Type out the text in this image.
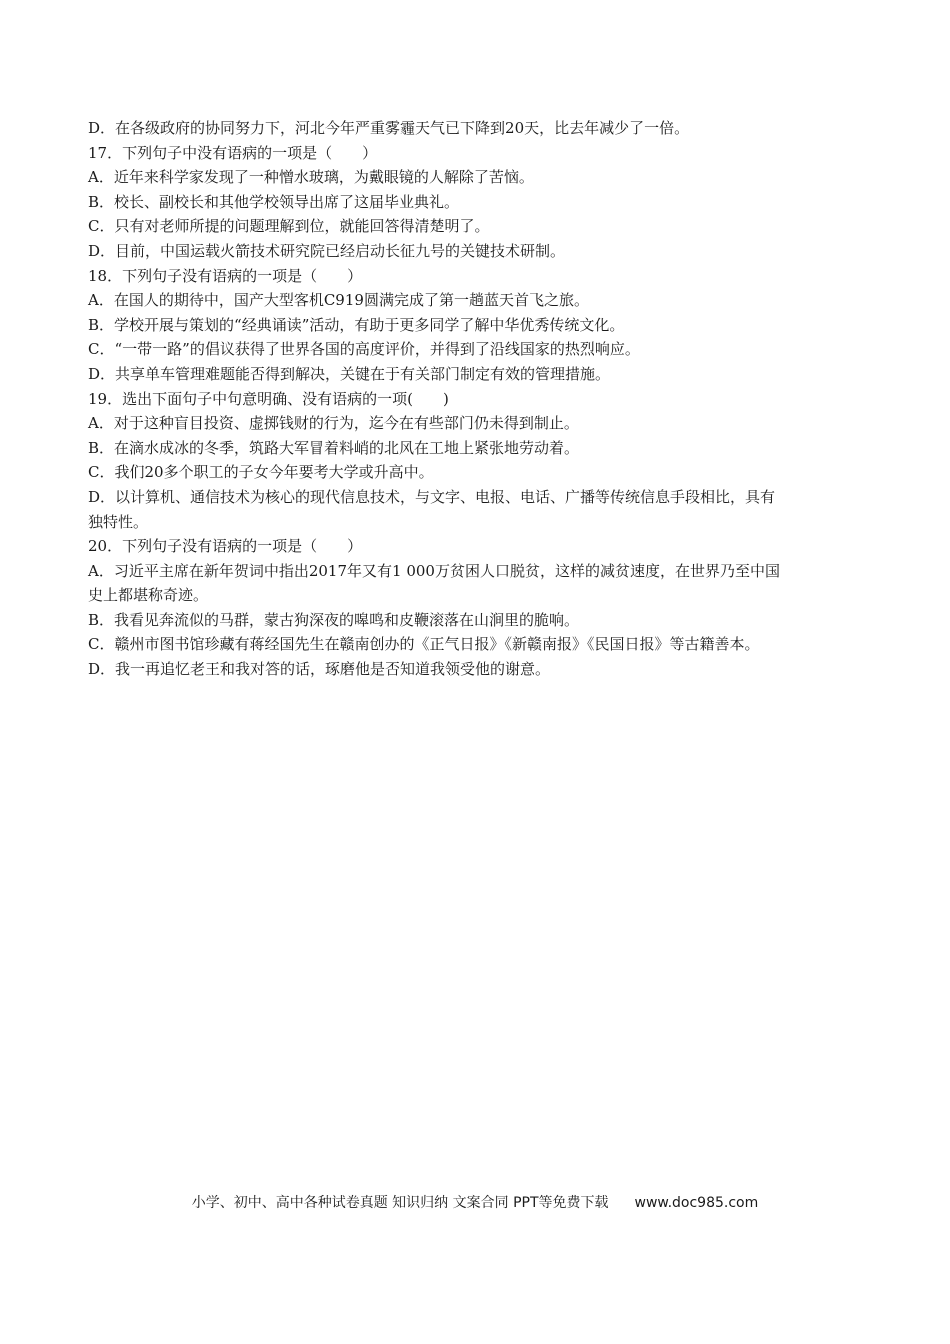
D．在各级政府的协同努力下，河北今年严重雾霾天气已下降到20天，比去年减少了一倍。

17．下列句子中没有语病的一项是（　　）

A．近年来科学家发现了一种憎水玻璃，为戴眼镜的人解除了苦恼。

B．校长、副校长和其他学校领导出席了这届毕业典礼。

C．只有对老师所提的问题理解到位，就能回答得清楚明了。

D．目前，中国运载火箭技术研究院已经启动长征九号的关键技术研制。

18．下列句子没有语病的一项是（　　）

A．在国人的期待中，国产大型客机C919圆满完成了第一趟蓝天首飞之旅。

B．学校开展与策划的“经典诵读”活动，有助于更多同学了解中华优秀传统文化。

C．“一带一路”的倡议获得了世界各国的高度评价，并得到了沿线国家的热烈响应。

D．共享单车管理难题能否得到解决，关键在于有关部门制定有效的管理措施。

19．选出下面句子中句意明确、没有语病的一项(　　)

A．对于这种盲目投资、虚掷钱财的行为，迄今在有些部门仍未得到制止。

B．在滴水成冰的冬季，筑路大军冒着料峭的北风在工地上紧张地劳动着。

C．我们20多个职工的子女今年要考大学或升高中。

D．以计算机、通信技术为核心的现代信息技术，与文字、电报、电话、广播等传统信息手段相比，具有

独特性。

20．下列句子没有语病的一项是（　　）

A．习近平主席在新年贺词中指出2017年又有1 000万贫困人口脱贫，这样的减贫速度，在世界乃至中国

史上都堪称奇迹。

B．我看见奔流似的马群，蒙古狗深夜的嗥鸣和皮鞭滚落在山涧里的脆响。

C．赣州市图书馆珍藏有蒋经国先生在赣南创办的《正气日报》《新赣南报》《民国日报》等古籍善本。

D．我一再追忆老王和我对答的话，琢磨他是否知道我领受他的谢意。

小学、初中、高中各种试卷真题 知识归纳 文案合同 PPT等免费下载 www.doc985.com
